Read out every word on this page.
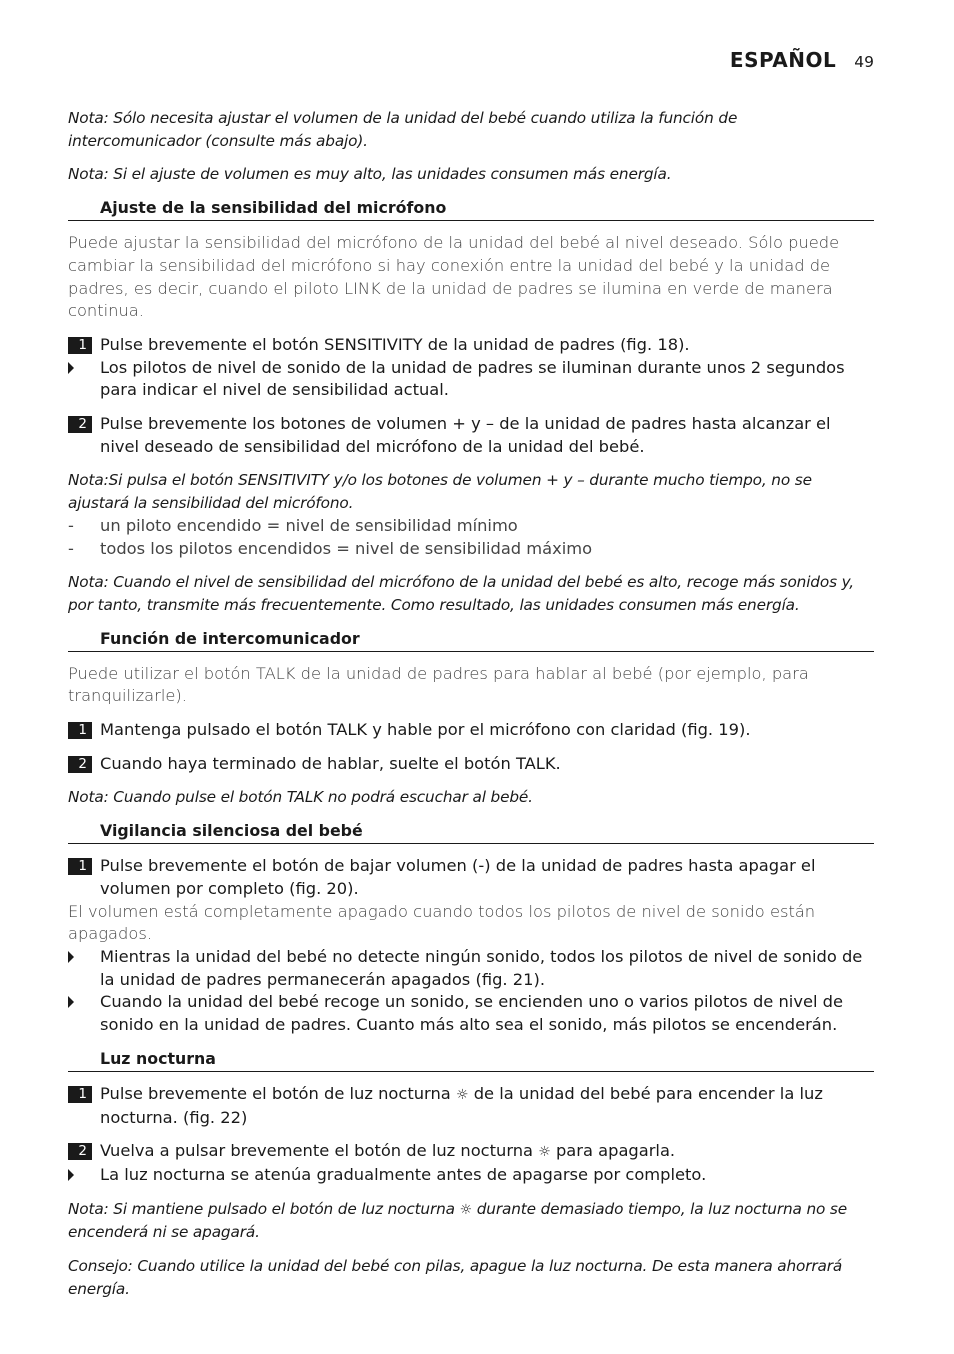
ESPAÑOL 49
Nota: Sólo necesita ajustar el volumen de la unidad del bebé cuando utiliza la función de intercomunicador (consulte más abajo).
Nota: Si el ajuste de volumen es muy alto, las unidades consumen más energía.
Ajuste de la sensibilidad del micrófono
Puede ajustar la sensibilidad del micrófono de la unidad del bebé al nivel deseado. Sólo puede cambiar la sensibilidad del micrófono si hay conexión entre la unidad del bebé y la unidad de padres, es decir, cuando el piloto LINK de la unidad de padres se ilumina en verde de manera continua.
1 Pulse brevemente el botón SENSITIVITY de la unidad de padres (fig. 18).
Los pilotos de nivel de sonido de la unidad de padres se iluminan durante unos 2 segundos para indicar el nivel de sensibilidad actual.
2 Pulse brevemente los botones de volumen + y – de la unidad de padres hasta alcanzar el nivel deseado de sensibilidad del micrófono de la unidad del bebé.
Nota:Si pulsa el botón SENSITIVITY y/o los botones de volumen + y – durante mucho tiempo, no se ajustará la sensibilidad del micrófono.
- un piloto encendido = nivel de sensibilidad mínimo
- todos los pilotos encendidos = nivel de sensibilidad máximo
Nota: Cuando el nivel de sensibilidad del micrófono de la unidad del bebé es alto, recoge más sonidos y, por tanto, transmite más frecuentemente. Como resultado, las unidades consumen más energía.
Función de intercomunicador
Puede utilizar el botón TALK de la unidad de padres para hablar al bebé (por ejemplo, para tranquilizarle).
1 Mantenga pulsado el botón TALK y hable por el micrófono con claridad (fig. 19).
2 Cuando haya terminado de hablar, suelte el botón TALK.
Nota: Cuando pulse el botón TALK no podrá escuchar al bebé.
Vigilancia silenciosa del bebé
1 Pulse brevemente el botón de bajar volumen (-) de la unidad de padres hasta apagar el volumen por completo (fig. 20).
El volumen está completamente apagado cuando todos los pilotos de nivel de sonido están apagados.
Mientras la unidad del bebé no detecte ningún sonido, todos los pilotos de nivel de sonido de la unidad de padres permanecerán apagados (fig. 21).
Cuando la unidad del bebé recoge un sonido, se encienden uno o varios pilotos de nivel de sonido en la unidad de padres. Cuanto más alto sea el sonido, más pilotos se encenderán.
Luz nocturna
1 Pulse brevemente el botón de luz nocturna ☼ de la unidad del bebé para encender la luz nocturna. (fig. 22)
2 Vuelva a pulsar brevemente el botón de luz nocturna ☼ para apagarla.
La luz nocturna se atenúa gradualmente antes de apagarse por completo.
Nota: Si mantiene pulsado el botón de luz nocturna ☼ durante demasiado tiempo, la luz nocturna no se encenderá ni se apagará.
Consejo: Cuando utilice la unidad del bebé con pilas, apague la luz nocturna. De esta manera ahorrará energía.
